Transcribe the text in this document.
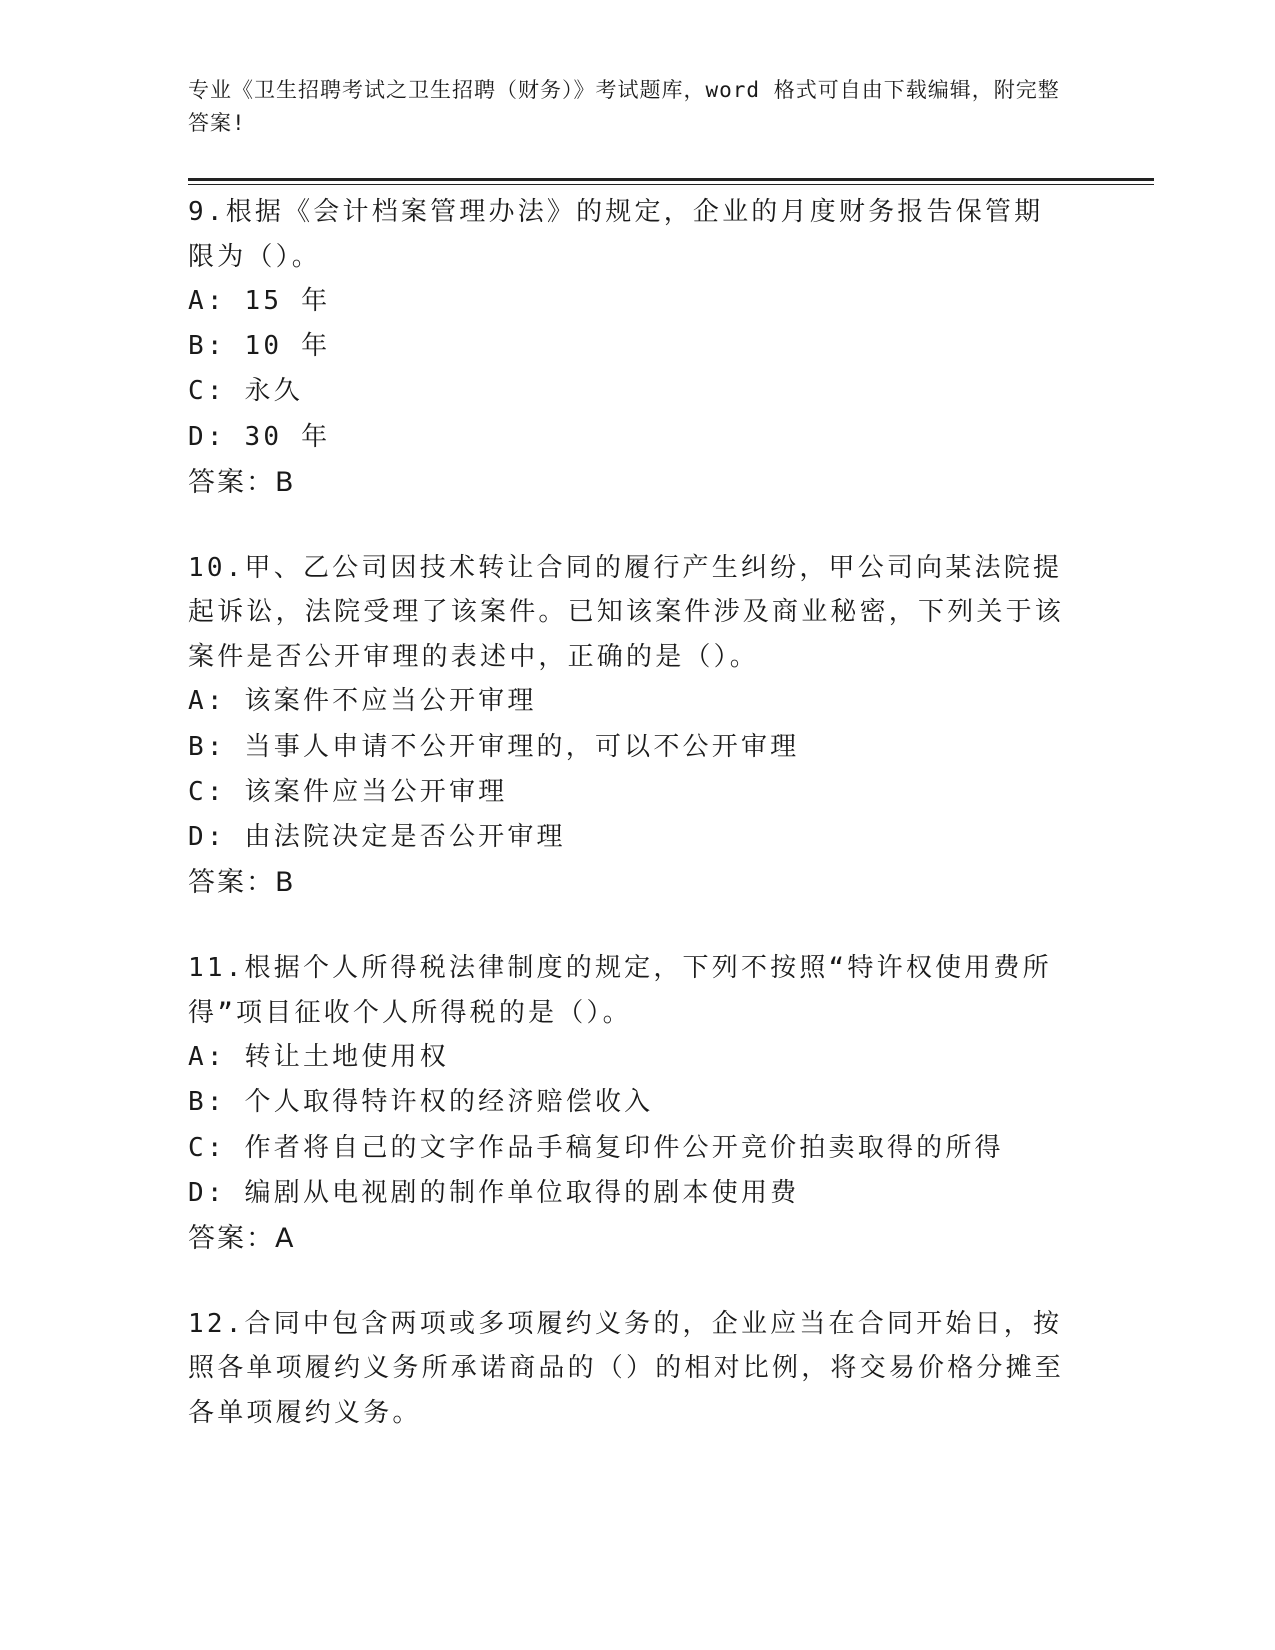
专业《卫生招聘考试之卫生招聘（财务）》考试题库，word 格式可自由下载编辑，附完整答案!

9.根据《会计档案管理办法》的规定，企业的月度财务报告保管期限为（）。

A: 15 年

B: 10 年

C: 永久

D: 30 年

答案：B

10.甲、乙公司因技术转让合同的履行产生纠纷，甲公司向某法院提起诉讼，法院受理了该案件。已知该案件涉及商业秘密，下列关于该案件是否公开审理的表述中，正确的是（）。

A: 该案件不应当公开审理

B: 当事人申请不公开审理的，可以不公开审理

C: 该案件应当公开审理

D: 由法院决定是否公开审理

答案：B

11.根据个人所得税法律制度的规定，下列不按照“特许权使用费所得”项目征收个人所得税的是（）。

A: 转让土地使用权

B: 个人取得特许权的经济赔偿收入

C: 作者将自己的文字作品手稿复印件公开竞价拍卖取得的所得

D: 编剧从电视剧的制作单位取得的剧本使用费

答案：A

12.合同中包含两项或多项履约义务的，企业应当在合同开始日，按照各单项履约义务所承诺商品的（）的相对比例，将交易价格分摊至各单项履约义务。
